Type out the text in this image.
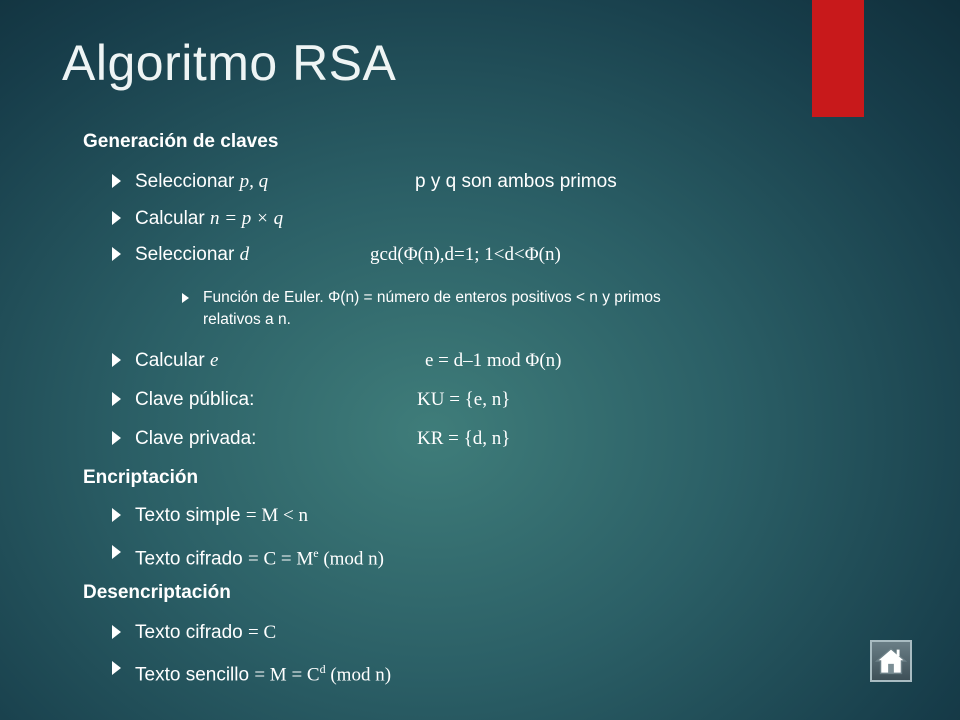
Algoritmo RSA
Generación de claves
Seleccionar p, q	p y q son ambos primos
Calcular n = p × q
Seleccionar d	gcd(Φ(n),d=1; 1<d<Φ(n)
Función de Euler. Φ(n) = número de enteros positivos < n y primos
relativos a n.
Calcular e	e = d–1 mod Φ(n)
Clave pública:	KU = {e, n}
Clave privada:	KR = {d, n}
Encriptación
Texto simple = M < n
Texto cifrado = $C = M^e$ (mod n)
Desencriptación
Texto cifrado = C
Texto sencillo = $M = C^d$ (mod n)
